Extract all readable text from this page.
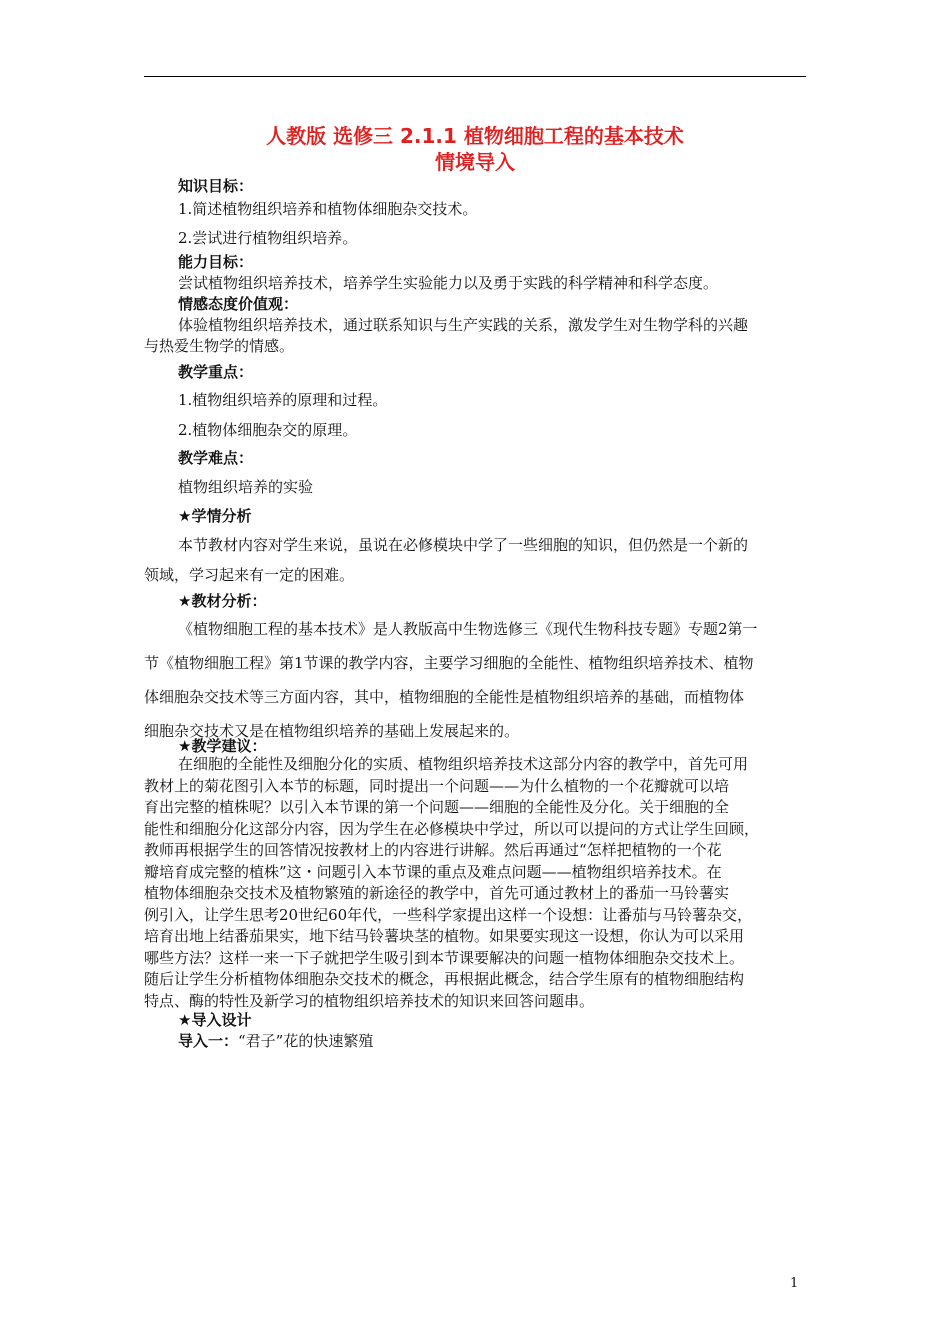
人教版 选修三 2.1.1 植物细胞工程的基本技术
情境导入
知识目标：
1.简述植物组织培养和植物体细胞杂交技术。
2.尝试进行植物组织培养。
能力目标：
尝试植物组织培养技术，培养学生实验能力以及勇于实践的科学精神和科学态度。
情感态度价值观：
体验植物组织培养技术，通过联系知识与生产实践的关系，激发学生对生物学科的兴趣
与热爱生物学的情感。
教学重点：
1.植物组织培养的原理和过程。
2.植物体细胞杂交的原理。
教学难点：
植物组织培养的实验
★学情分析
本节教材内容对学生来说，虽说在必修模块中学了一些细胞的知识，但仍然是一个新的
领域，学习起来有一定的困难。
★教材分析：
《植物细胞工程的基本技术》是人教版高中生物选修三《现代生物科技专题》专题2第一
节《植物细胞工程》第1节课的教学内容，主要学习细胞的全能性、植物组织培养技术、植物
体细胞杂交技术等三方面内容，其中，植物细胞的全能性是植物组织培养的基础，而植物体
细胞杂交技术又是在植物组织培养的基础上发展起来的。
★教学建议：
在细胞的全能性及细胞分化的实质、植物组织培养技术这部分内容的教学中，首先可用
教材上的菊花图引入本节的标题，同时提出一个问题——为什么植物的一个花瓣就可以培
育出完整的植株呢？以引入本节课的第一个问题——细胞的全能性及分化。关于细胞的全
能性和细胞分化这部分内容，因为学生在必修模块中学过，所以可以提问的方式让学生回顾，
教师再根据学生的回答情况按教材上的内容进行讲解。然后再通过“怎样把植物的一个花
瓣培育成完整的植株”这・问题引入本节课的重点及难点问题——植物组织培养技术。在
植物体细胞杂交技术及植物繁殖的新途径的教学中，首先可通过教材上的番茄一马铃薯实
例引入，让学生思考20世纪60年代，一些科学家提出这样一个设想：让番茄与马铃薯杂交，
培育出地上结番茄果实，地下结马铃薯块茎的植物。如果要实现这一设想，你认为可以采用
哪些方法？这样一来一下子就把学生吸引到本节课要解决的问题一植物体细胞杂交技术上。
随后让学生分析植物体细胞杂交技术的概念，再根据此概念，结合学生原有的植物细胞结构
特点、酶的特性及新学习的植物组织培养技术的知识来回答问题串。
★导入设计
导入一：“君子”花的快速繁殖
1
